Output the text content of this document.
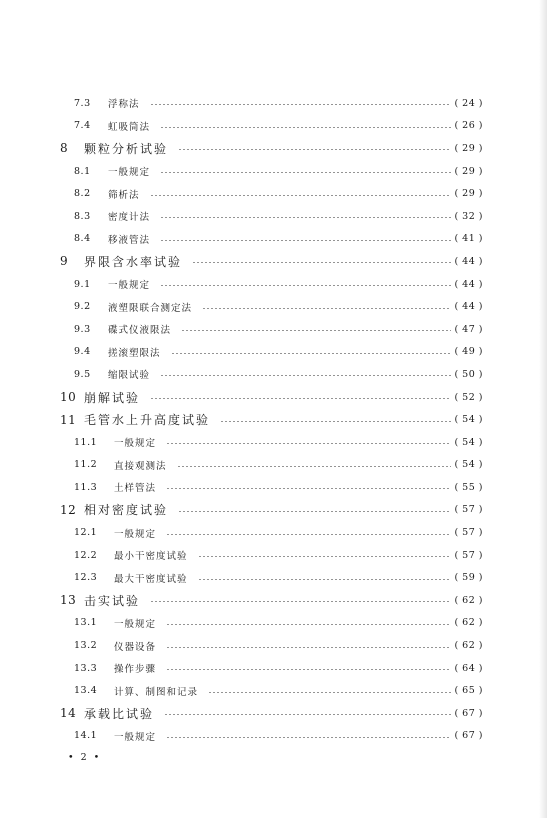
7.3 浮称法	( 24 )
7.4 虹吸筒法	( 26 )
8 颗粒分析试验	( 29 )
8.1 一般规定	( 29 )
8.2 筛析法	( 29 )
8.3 密度计法	( 32 )
8.4 移液管法	( 41 )
9 界限含水率试验	( 44 )
9.1 一般规定	( 44 )
9.2 液塑限联合测定法	( 44 )
9.3 碟式仪液限法	( 47 )
9.4 搓滚塑限法	( 49 )
9.5 缩限试验	( 50 )
10 崩解试验	( 52 )
11 毛管水上升高度试验	( 54 )
11.1 一般规定	( 54 )
11.2 直接观测法	( 54 )
11.3 土样管法	( 55 )
12 相对密度试验	( 57 )
12.1 一般规定	( 57 )
12.2 最小干密度试验	( 57 )
12.3 最大干密度试验	( 59 )
13 击实试验	( 62 )
13.1 一般规定	( 62 )
13.2 仪器设备	( 62 )
13.3 操作步骤	( 64 )
13.4 计算、制图和记录	( 65 )
14 承载比试验	( 67 )
14.1 一般规定	( 67 )
• 2 •
